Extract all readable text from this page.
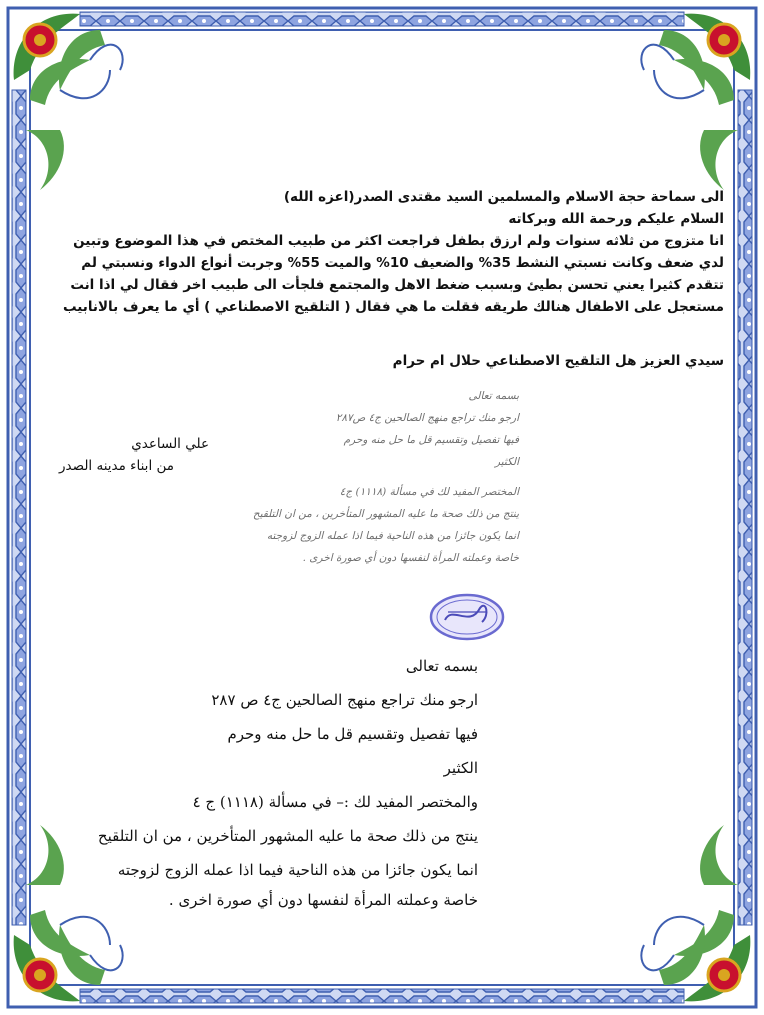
الى سماحة حجة الاسلام والمسلمين السيد مقتدى الصدر(اعزه الله)
السلام عليكم ورحمة الله وبركاته
انا متزوج من ثلاثه سنوات ولم ارزق بطفل فراجعت اكثر من طبيب المختص في هذا الموضوع وتبين
لدي ضعف وكانت نسبتي النشط 35% والضعيف 10% والميت 55% وجربت أنواع الدواء ونسبتي لم
تتقدم كثيرا يعني تحسن بطيئ وبسبب ضغط الاهل والمجتمع فلجأت الى طبيب اخر فقال لي اذا انت
مستعجل على الاطفال هنالك طريقه فقلت ما هي فقال ( التلقيح الاصطناعي ) أي ما يعرف بالانابيب
سيدي العزيز هل التلقيح الاصطناعي حلال ام حرام
علي الساعدي
من ابناء مدينه الصدر
بسمه تعالى
ارجو منك تراجع منهج الصالحين ج٤ ص٢٨٧
فيها تفصيل وتقسيم قل ما حل منه وحرم
الكثير
المختصر المفيد لك في مسألة (١١١٨) ج٤
ينتج من ذلك صحة ما عليه المشهور المتأخرين ، من ان التلقيح
انما يكون جائزا من هذه الناحية فيما اذا عمله الزوج لزوجته
خاصة وعملته المرأة لنفسها دون أي صورة اخرى .
بسمه تعالى
ارجو منك تراجع منهج الصالحين ج٤ ص ٢٨٧
فيها تفصيل وتقسيم قل ما حل منه وحرم
الكثير
والمختصر المفيد لك :– في مسألة (١١١٨) ج ٤
ينتج من ذلك صحة ما عليه المشهور المتأخرين ، من ان التلقيح
انما يكون جائزا من هذه الناحية فيما اذا عمله الزوج لزوجته
خاصة وعملته المرأة لنفسها دون أي صورة اخرى .
